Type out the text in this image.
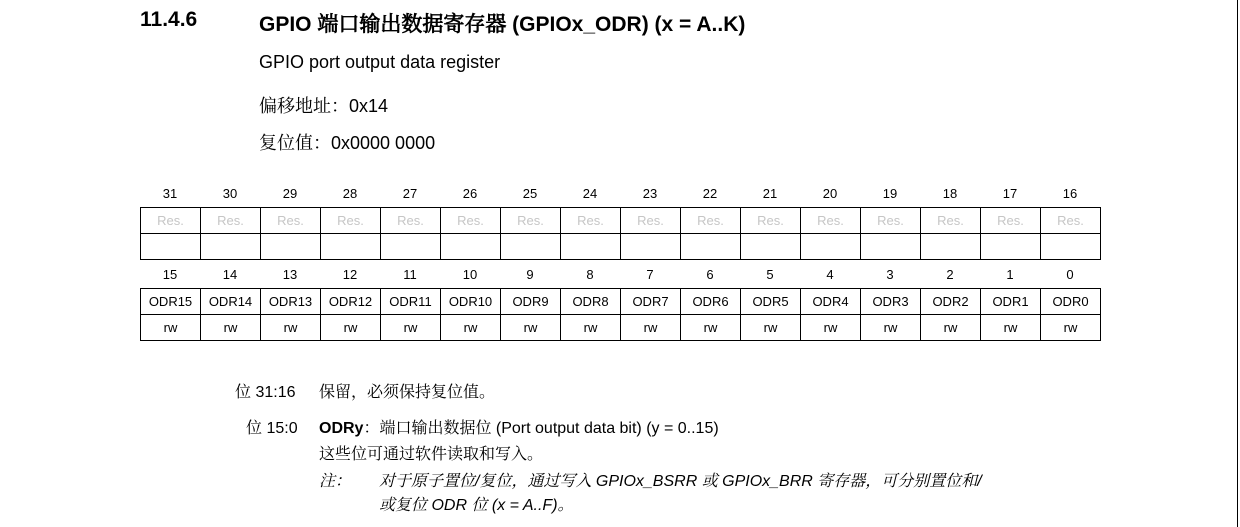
11.4.6	GPIO 端口输出数据寄存器 (GPIOx_ODR) (x = A..K)
GPIO port output data register
偏移地址：0x14
复位值：0x0000 0000
31	30	29	28	27	26	25	24	23	22	21	20	19	18	17	16
Res.	Res.	Res.	Res.	Res.	Res.	Res.	Res.	Res.	Res.	Res.	Res.	Res.	Res.	Res.	Res.

15	14	13	12	11	10	9	8	7	6	5	4	3	2	1	0
ODR15	ODR14	ODR13	ODR12	ODR11	ODR10	ODR9	ODR8	ODR7	ODR6	ODR5	ODR4	ODR3	ODR2	ODR1	ODR0
rw	rw	rw	rw	rw	rw	rw	rw	rw	rw	rw	rw	rw	rw	rw	rw
位 31:16 保留，必须保持复位值。
位 15:0 ODRy：端口输出数据位 (Port output data bit) (y = 0..15)
这些位可通过软件读取和写入。
注： 对于原子置位/复位，通过写入 GPIOx_BSRR 或 GPIOx_BRR 寄存器，可分别置位和/
或复位 ODR 位 (x = A..F)。
